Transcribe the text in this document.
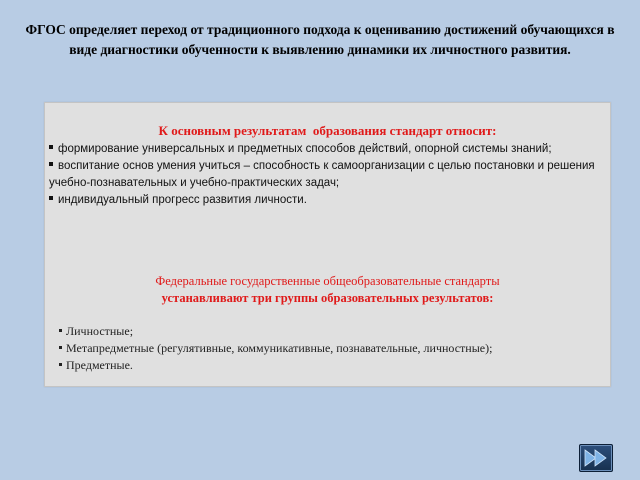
ФГОС определяет переход от традиционного подхода к оцениванию достижений обучающихся в виде диагностики обученности к выявлению динамики их личностного развития.

К основным результатам  образования стандарт относит:

формирование универсальных и предметных способов действий, опорной системы знаний;
воспитание основ умения учиться – способность к самоорганизации с целью постановки и решения учебно-познавательных и учебно-практических задач;
индивидуальный прогресс развития личности.
Федеральные государственные общеобразовательные стандарты
устанавливают три группы образовательных результатов:
Личностные;
Метапредметные (регулятивные, коммуникативные, познавательные, личностные);
Предметные.
